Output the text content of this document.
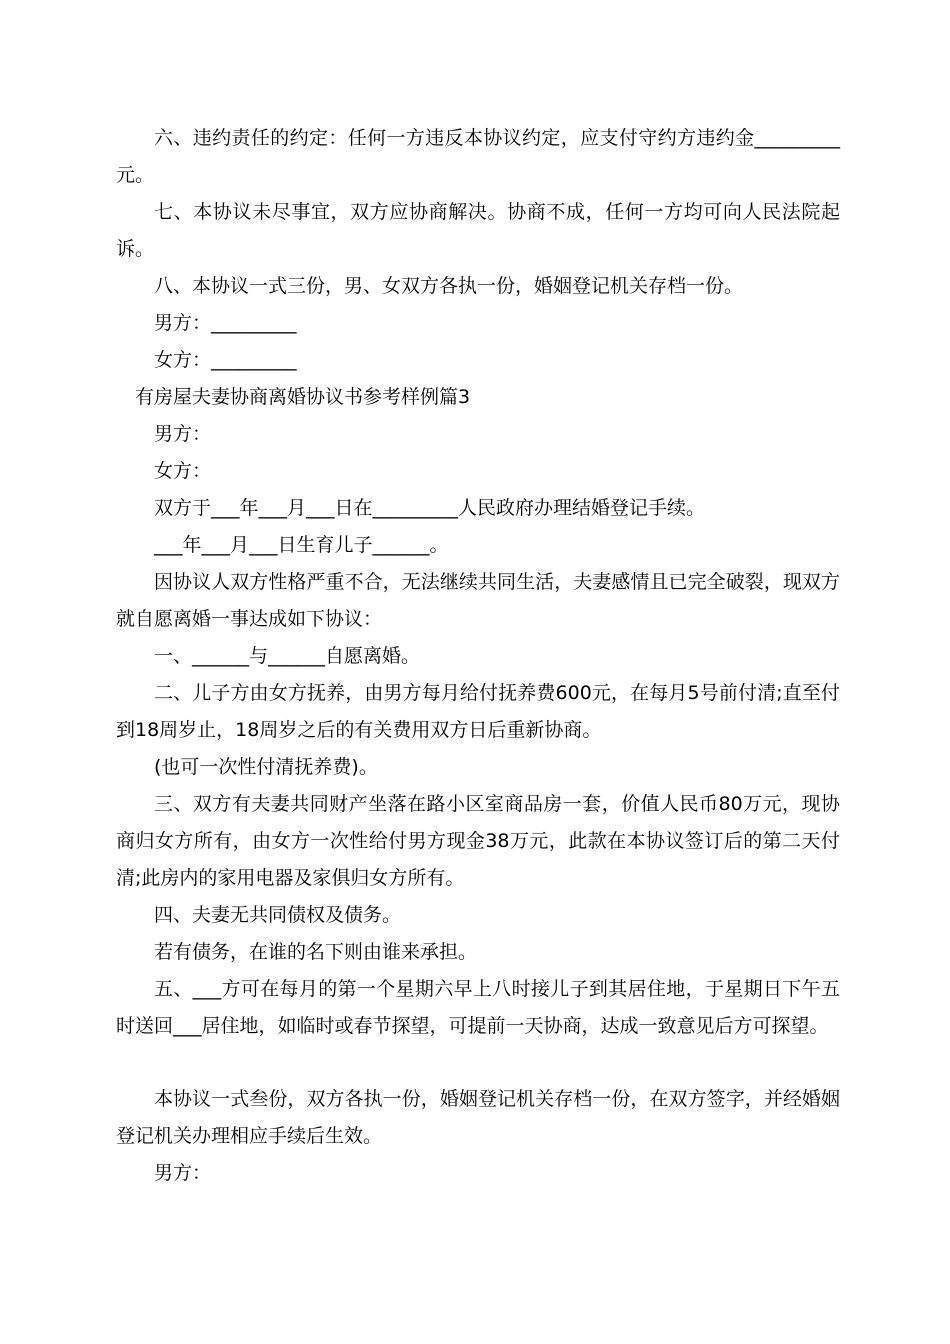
六、违约责任的约定：任何一方违反本协议约定，应支付守约方违约金_________元。

七、本协议未尽事宜，双方应协商解决。协商不成，任何一方均可向人民法院起诉。

八、本协议一式三份，男、女双方各执一份，婚姻登记机关存档一份。

男方：_________

女方：_________

有房屋夫妻协商离婚协议书参考样例篇3

男方：

女方：

双方于___年___月___日在_________人民政府办理结婚登记手续。

___年___月___日生育儿子______。

因协议人双方性格严重不合，无法继续共同生活，夫妻感情且已完全破裂，现双方就自愿离婚一事达成如下协议：

一、______与______自愿离婚。

二、儿子方由女方抚养，由男方每月给付抚养费600元，在每月5号前付清;直至付到18周岁止，18周岁之后的有关费用双方日后重新协商。

(也可一次性付清抚养费)。

三、双方有夫妻共同财产坐落在路小区室商品房一套，价值人民币80万元，现协商归女方所有，由女方一次性给付男方现金38万元，此款在本协议签订后的第二天付清;此房内的家用电器及家俱归女方所有。

四、夫妻无共同债权及债务。

若有债务，在谁的名下则由谁来承担。

五、___方可在每月的第一个星期六早上八时接儿子到其居住地，于星期日下午五时送回___居住地，如临时或春节探望，可提前一天协商，达成一致意见后方可探望。

本协议一式叁份，双方各执一份，婚姻登记机关存档一份，在双方签字，并经婚姻登记机关办理相应手续后生效。

男方：
